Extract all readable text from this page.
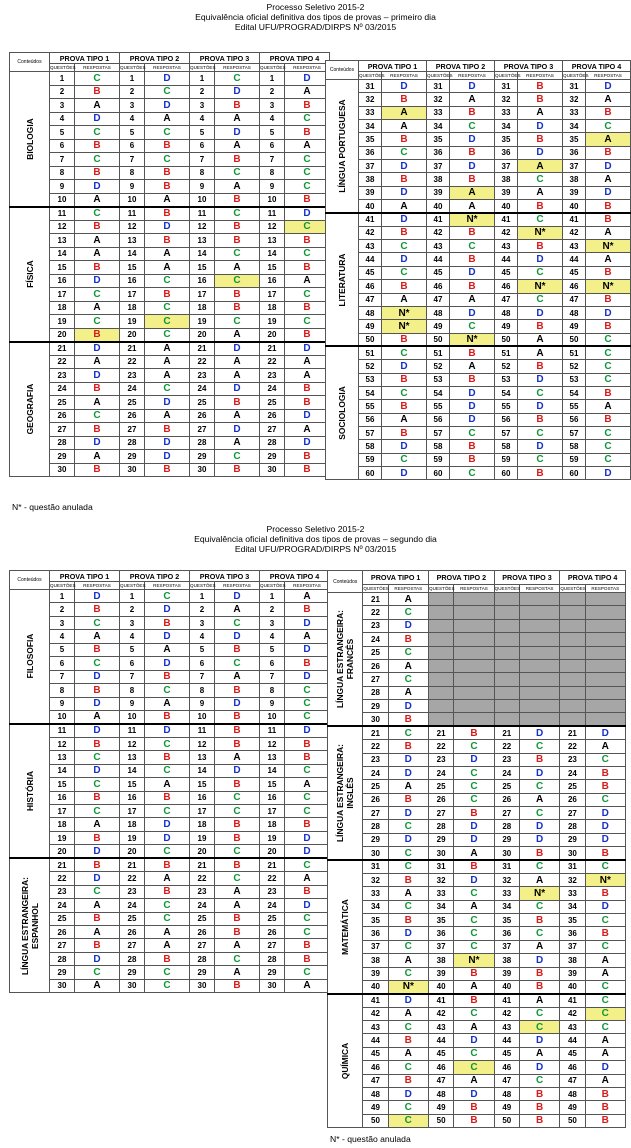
Processo Seletivo 2015-2
Equivalência oficial definitiva dos tipos de provas – primeiro dia
Edital UFU/PROGRAD/DIRPS Nº 03/2015
Conteúdos	PROVA TIPO 1		PROVA TIPO 2		PROVA TIPO 3		PROVA TIPO 4	
	QUESTÕES	RESPOSTAS	QUESTÕES	RESPOSTAS	QUESTÕES	RESPOSTAS	QUESTÕES	RESPOSTAS

BIOLOGIA	1	C	1	D	1	C	1	D
	2	B	2	C	2	D	2	A
	3	A	3	D	3	B	3	B
	4	D	4	A	4	A	4	C
	5	C	5	C	5	D	5	B
	6	B	6	B	6	A	6	A
	7	C	7	C	7	B	7	C
	8	B	8	B	8	C	8	C
	9	D	9	B	9	A	9	C
	10	A	10	A	10	B	10	B

FÍSICA	11	C	11	B	11	C	11	D
	12	B	12	D	12	B	12	C
	13	A	13	B	13	B	13	B
	14	A	14	A	14	C	14	C
	15	B	15	A	15	A	15	B
	16	D	16	C	16	C	16	A
	17	C	17	B	17	B	17	C
	18	A	18	C	18	B	18	B
	19	C	19	C	19	C	19	C
	20	B	20	C	20	A	20	B

GEOGRAFIA	21	D	21	A	21	D	21	D
	22	A	22	A	22	A	22	A
	23	D	23	A	23	A	23	A
	24	B	24	C	24	D	24	B
	25	A	25	D	25	B	25	B
	26	C	26	A	26	A	26	D
	27	B	27	B	27	D	27	A
	28	D	28	D	28	A	28	D
	29	A	29	D	29	C	29	B
	30	B	30	B	30	B	30	B
Conteúdos	PROVA TIPO 1		PROVA TIPO 2		PROVA TIPO 3		PROVA TIPO 4	
	QUESTÕES	RESPOSTAS	QUESTÕES	RESPOSTAS	QUESTÕES	RESPOSTAS	QUESTÕES	RESPOSTAS

LÍNGUA PORTUGUESA	31	D	31	D	31	B	31	D
	32	B	32	A	32	B	32	A
	33	A	33	B	33	A	33	B
	34	A	34	C	34	D	34	C
	35	B	35	D	35	B	35	A
	36	C	36	B	36	D	36	B
	37	D	37	D	37	A	37	D
	38	B	38	B	38	C	38	A
	39	D	39	A	39	A	39	D
	40	A	40	A	40	B	40	B

LITERATURA	41	D	41	N*	41	C	41	B
	42	B	42	B	42	N*	42	A
	43	C	43	C	43	B	43	N*
	44	D	44	B	44	D	44	A
	45	C	45	D	45	C	45	B
	46	B	46	B	46	N*	46	N*
	47	A	47	A	47	C	47	B
	48	N*	48	D	48	D	48	D
	49	N*	49	C	49	B	49	B
	50	B	50	N*	50	A	50	C

SOCIOLOGIA	51	C	51	B	51	A	51	C
	52	D	52	A	52	B	52	C
	53	B	53	B	53	D	53	C
	54	C	54	D	54	C	54	B
	55	B	55	D	55	D	55	A
	56	A	56	D	56	B	56	B
	57	B	57	C	57	C	57	C
	58	D	58	B	58	D	58	C
	59	C	59	B	59	C	59	C
	60	D	60	C	60	B	60	D
N* - questão anulada
Processo Seletivo 2015-2
Equivalência oficial definitiva dos tipos de provas – segundo dia
Edital UFU/PROGRAD/DIRPS Nº 03/2015
Conteúdos	PROVA TIPO 1		PROVA TIPO 2		PROVA TIPO 3		PROVA TIPO 4	
	QUESTÕES	RESPOSTAS	QUESTÕES	RESPOSTAS	QUESTÕES	RESPOSTAS	QUESTÕES	RESPOSTAS

FILOSOFIA	1	D	1	C	1	D	1	A
	2	B	2	D	2	A	2	B
	3	C	3	B	3	C	3	D
	4	A	4	D	4	D	4	A
	5	B	5	A	5	B	5	D
	6	C	6	D	6	C	6	B
	7	D	7	B	7	A	7	D
	8	B	8	C	8	B	8	C
	9	D	9	A	9	D	9	C
	10	A	10	B	10	B	10	C

HISTÓRIA	11	D	11	D	11	B	11	D
	12	B	12	C	12	B	12	B
	13	C	13	B	13	A	13	B
	14	D	14	C	14	D	14	C
	15	C	15	A	15	B	15	A
	16	B	16	B	16	C	16	C
	17	C	17	C	17	C	17	C
	18	A	18	D	18	B	18	B
	19	B	19	D	19	B	19	D
	20	D	20	C	20	C	20	D

LÍNGUA ESTRANGEIRA:
ESPANHOL	21	B	21	B	21	B	21	C
	22	D	22	A	22	C	22	A
	23	C	23	B	23	A	23	B
	24	A	24	C	24	A	24	D
	25	B	25	C	25	B	25	C
	26	A	26	A	26	B	26	C
	27	B	27	A	27	A	27	B
	28	D	28	B	28	C	28	B
	29	C	29	C	29	A	29	C
	30	A	30	C	30	B	30	A
Conteúdos	PROVA TIPO 1		PROVA TIPO 2		PROVA TIPO 3		PROVA TIPO 4	
	QUESTÕES	RESPOSTAS	QUESTÕES	RESPOSTAS	QUESTÕES	RESPOSTAS	QUESTÕES	RESPOSTAS

LÍNGUA ESTRANGEIRA:
FRANCÊS	21	A						
	22	C						
	23	D						
	24	B						
	25	C						
	26	A						
	27	C						
	28	A						
	29	D						
	30	B						

LÍNGUA ESTRANGEIRA:
INGLÊS	21	C	21	B	21	D	21	D
	22	B	22	C	22	C	22	A
	23	D	23	D	23	B	23	C
	24	D	24	C	24	D	24	B
	25	A	25	C	25	C	25	B
	26	B	26	C	26	A	26	C
	27	D	27	B	27	C	27	D
	28	C	28	D	28	D	28	D
	29	D	29	D	29	D	29	D
	30	C	30	A	30	B	30	B

MATEMÁTICA	31	C	31	B	31	C	31	C
	32	B	32	D	32	A	32	N*
	33	A	33	C	33	N*	33	B
	34	C	34	A	34	C	34	D
	35	B	35	C	35	B	35	C
	36	D	36	C	36	C	36	B
	37	C	37	C	37	A	37	C
	38	A	38	N*	38	D	38	A
	39	C	39	B	39	B	39	A
	40	N*	40	A	40	B	40	C

QUÍMICA	41	D	41	B	41	A	41	C
	42	A	42	C	42	C	42	C
	43	C	43	A	43	C	43	C
	44	B	44	D	44	D	44	A
	45	A	45	C	45	A	45	A
	46	C	46	C	46	D	46	D
	47	B	47	A	47	C	47	A
	48	D	48	D	48	B	48	B
	49	C	49	B	49	B	49	B
	50	C	50	B	50	B	50	B
N* - questão anulada
